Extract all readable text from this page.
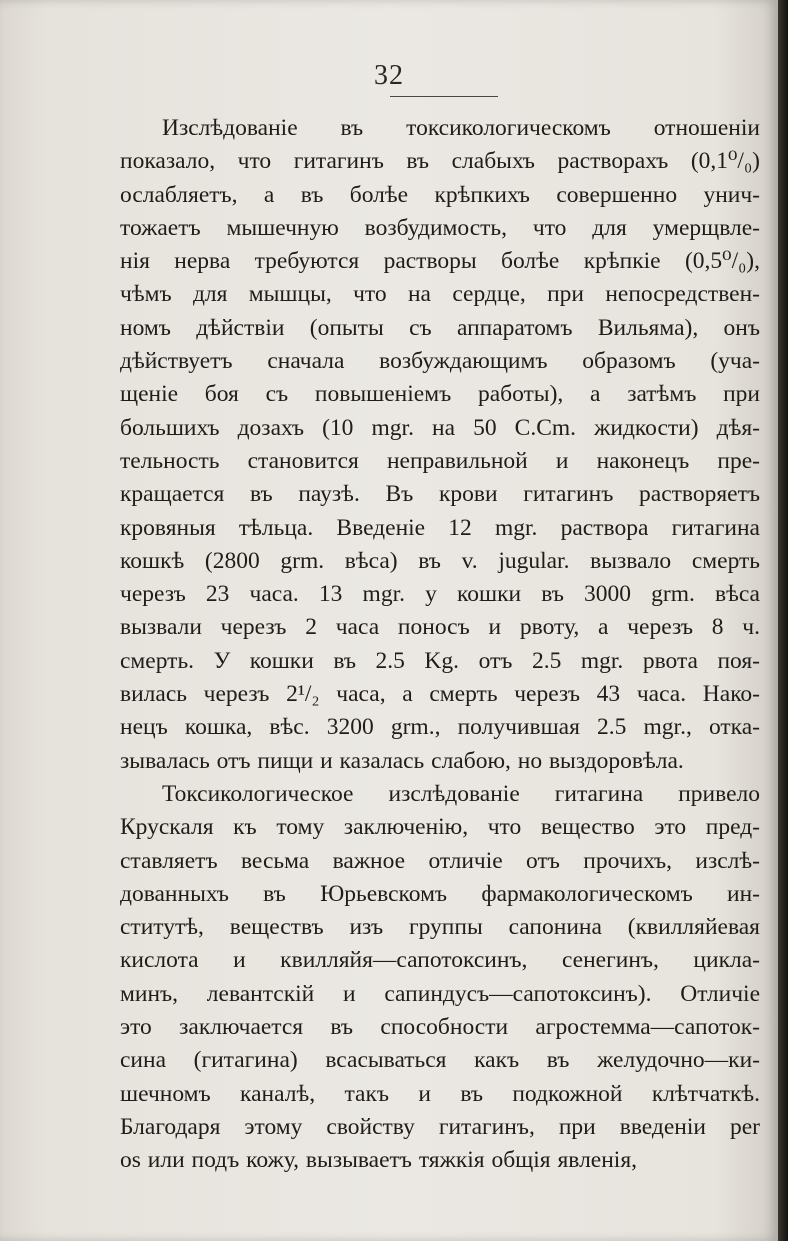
32
Изслѣдованіе въ токсикологическомъ отношеніи
показало, что гитагинъ въ слабыхъ растворахъ (0,1⁰/₀)
ослабляетъ, а въ болѣе крѣпкихъ совершенно унич-
тожаетъ мышечную возбудимость, что для умерщвле-
нія нерва требуются растворы болѣе крѣпкіе (0,5⁰/₀),
чѣмъ для мышцы, что на сердце, при непосредствен-
номъ дѣйствіи (опыты съ аппаратомъ Вильяма), онъ
дѣйствуетъ сначала возбуждающимъ образомъ (уча-
щеніе боя съ повышеніемъ работы), а затѣмъ при
большихъ дозахъ (10 mgr. на 50 C.Cm. жидкости) дѣя-
тельность становится неправильной и наконецъ пре-
кращается въ паузѣ. Въ крови гитагинъ растворяетъ
кровяныя тѣльца. Введеніе 12 mgr. раствора гитагина
кошкѣ (2800 grm. вѣса) въ v. jugular. вызвало смерть
черезъ 23 часа. 13 mgr. у кошки въ 3000 grm. вѣса
вызвали черезъ 2 часа поносъ и рвоту, а черезъ 8 ч.
смерть. У кошки въ 2.5 Kg. отъ 2.5 mgr. рвота поя-
вилась черезъ 2¹/₂ часа, а смерть черезъ 43 часа. Нако-
нецъ кошка, вѣс. 3200 grm., получившая 2.5 mgr., отка-
зывалась отъ пищи и казалась слабою, но выздоровѣла.
Токсикологическое изслѣдованіе гитагина привело
Крускаля къ тому заключенію, что вещество это пред-
ставляетъ весьма важное отличіе отъ прочихъ, изслѣ-
дованныхъ въ Юрьевскомъ фармакологическомъ ин-
ститутѣ, веществъ изъ группы сапонина (квилляйевая
кислота и квилляйя—сапотоксинъ, сенегинъ, цикла-
минъ, левантскій и сапиндусъ—сапотоксинъ). Отличіе
это заключается въ способности агростемма—сапоток-
сина (гитагина) всасываться какъ въ желудочно—ки-
шечномъ каналѣ, такъ и въ подкожной клѣтчаткѣ.
Благодаря этому свойству гитагинъ, при введеніи per
os или подъ кожу, вызываетъ тяжкія общія явленія,
